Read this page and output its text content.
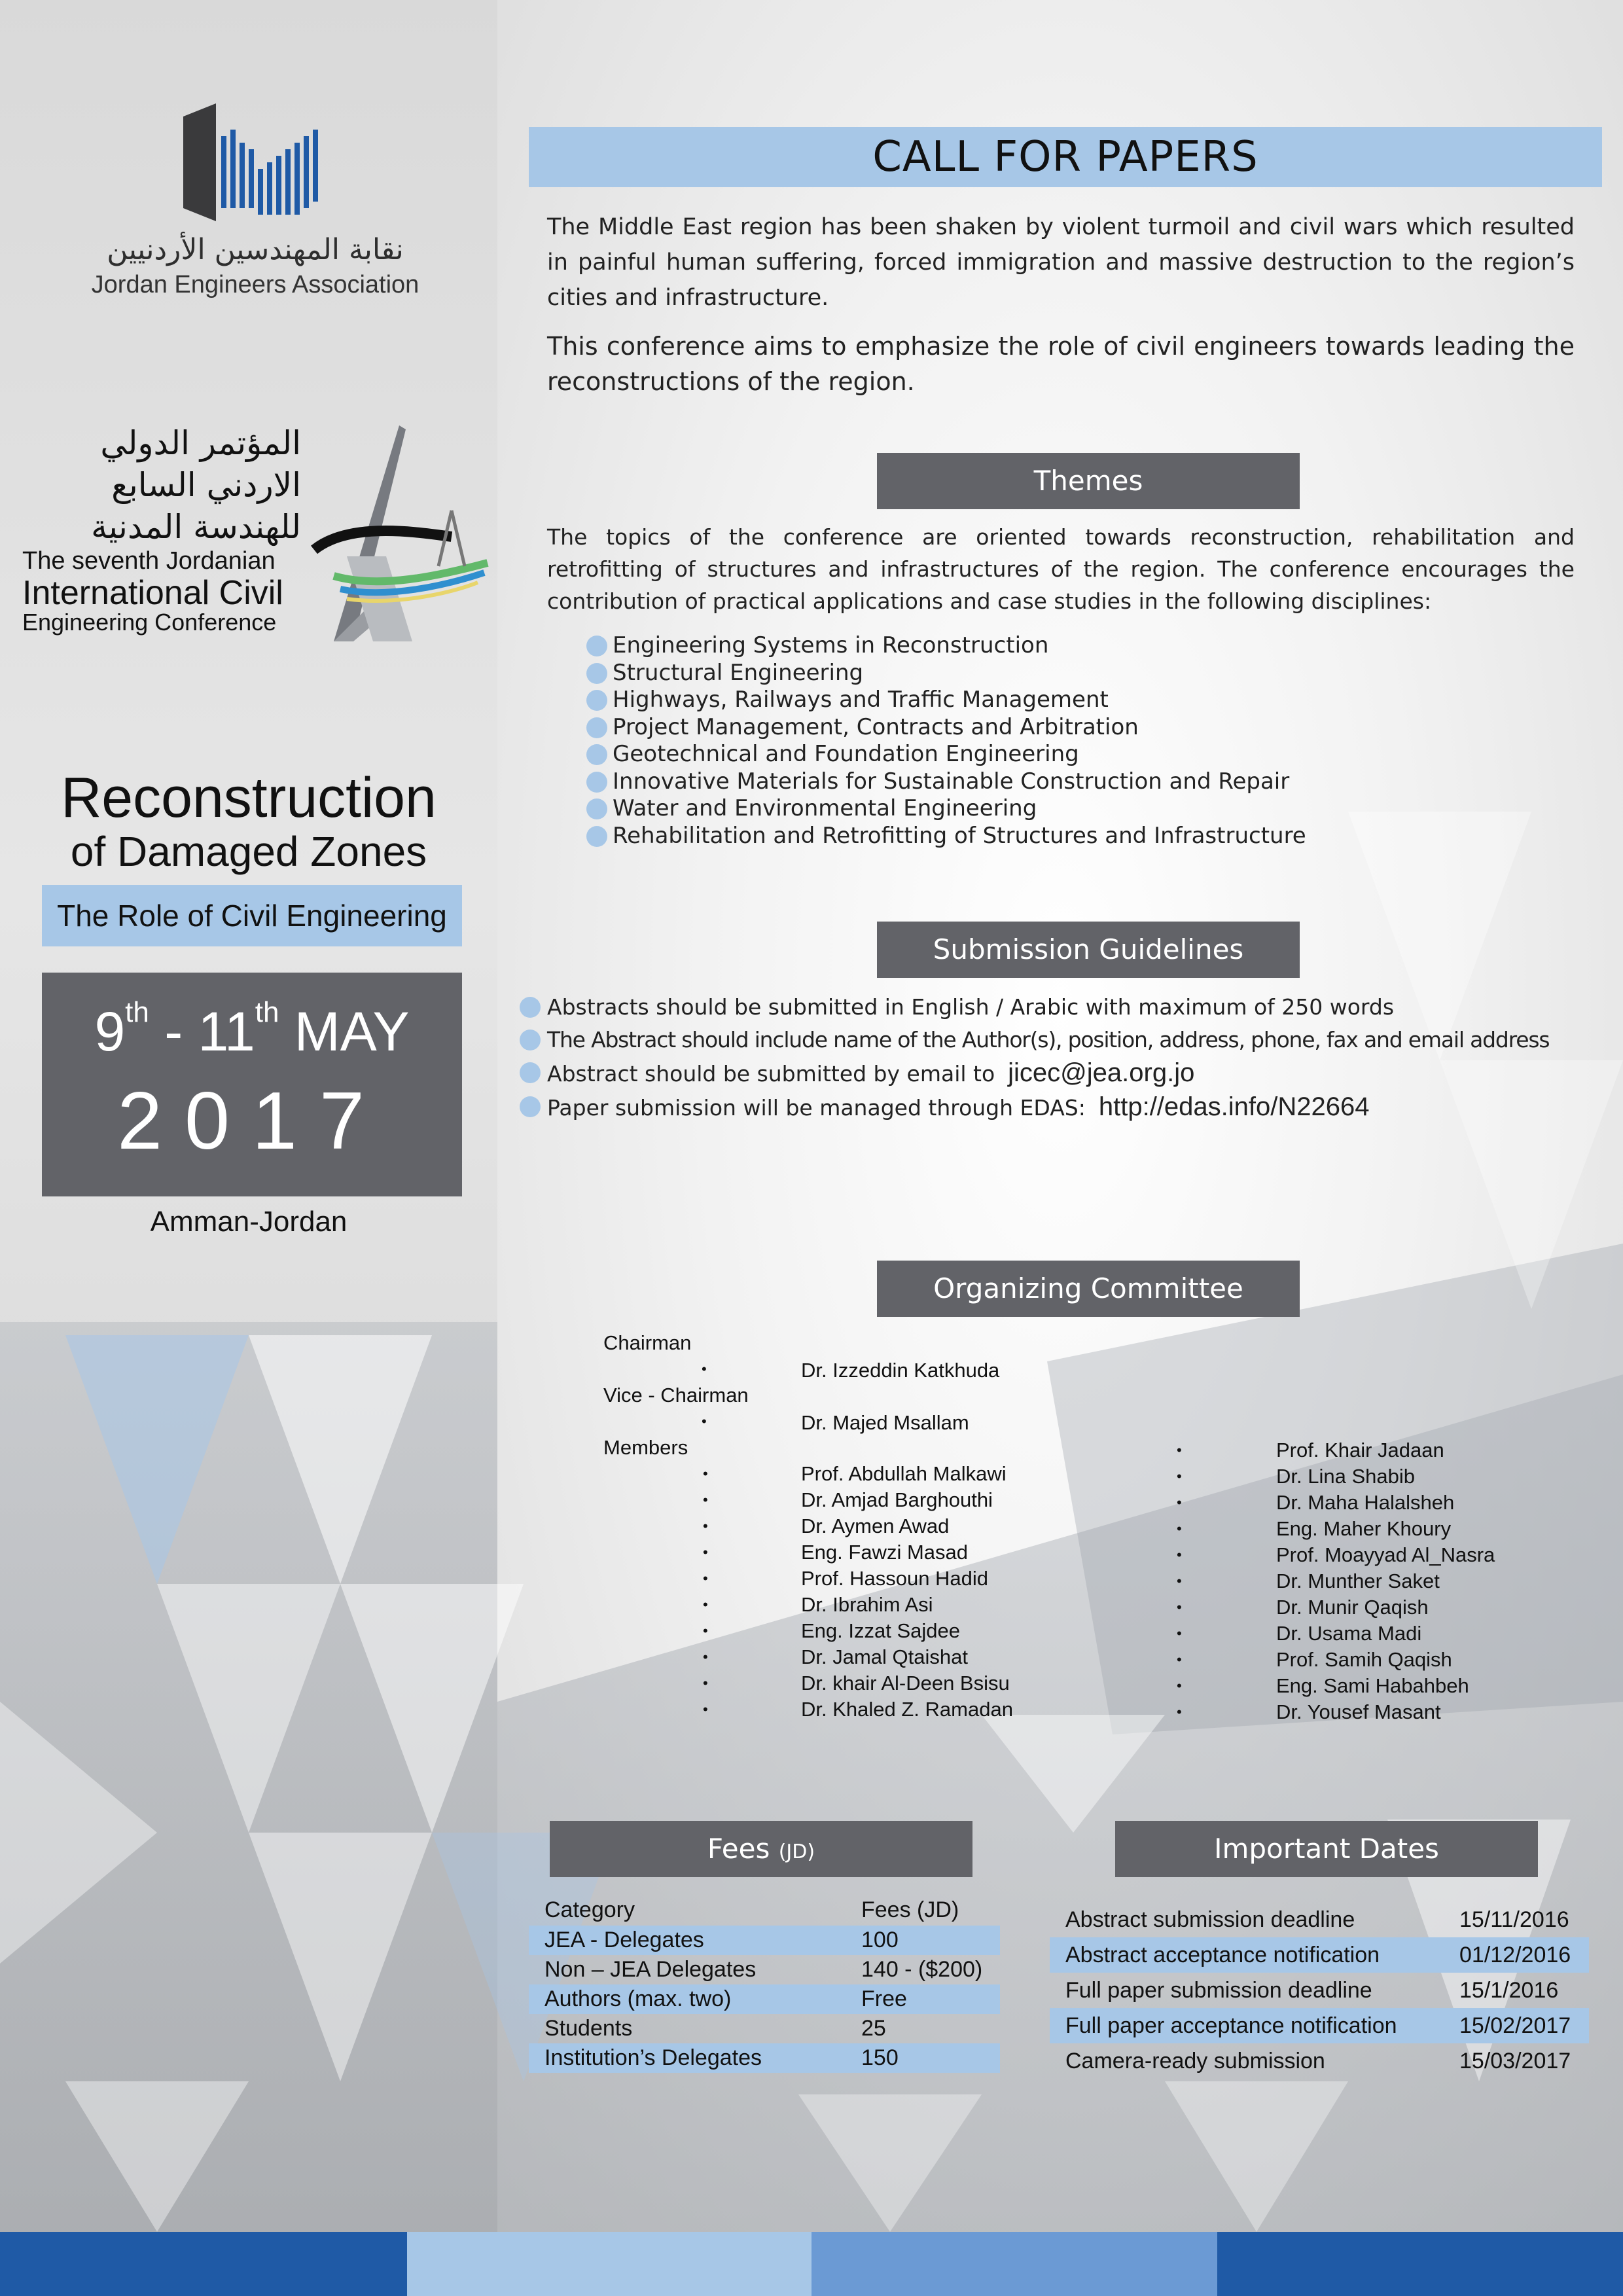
نقابة المهندسين الأردنيين
Jordan Engineers Association
المؤتمر الدولي
الاردني السابع
للهندسة المدنية
The seventh Jordanian
International Civil
Engineering Conference
Reconstruction
of Damaged Zones
The Role of Civil Engineering
9th - 11th MAY
2017
Amman-Jordan
CALL FOR PAPERS
The Middle East region has been shaken by violent turmoil and civil wars which resulted in painful human suffering, forced immigration and massive destruction to the region’s cities and infrastructure.
This conference aims to emphasize the role of civil engineers towards leading the reconstructions of the region.
Themes
The topics of the conference are oriented towards reconstruction, rehabilitation and retrofitting of structures and infrastructures of the region. The conference encourages the contribution of practical applications and case studies in the following disciplines:
Engineering Systems in Reconstruction
Structural Engineering
Highways, Railways and Traffic Management
Project Management, Contracts and Arbitration
Geotechnical and Foundation Engineering
Innovative Materials for Sustainable Construction and Repair
Water and Environmental Engineering
Rehabilitation and Retrofitting of Structures and Infrastructure
Submission Guidelines
Abstracts should be submitted in English / Arabic with maximum of 250 words
The Abstract should include name of the Author(s), position, address, phone, fax and email address
Abstract should be submitted by email to jicec@jea.org.jo
Paper submission will be managed through EDAS: http://edas.info/N22664
Organizing Committee
Chairman
•	Dr. Izzeddin Katkhuda
Vice - Chairman
•	Dr. Majed Msallam
Members
•	Prof. Abdullah Malkawi
•	Dr. Amjad Barghouthi
•	Dr. Aymen Awad
•	Eng. Fawzi Masad
•	Prof. Hassoun Hadid
•	Dr. Ibrahim Asi
•	Eng. Izzat Sajdee
•	Dr. Jamal Qtaishat
•	Dr. khair Al-Deen Bsisu
•	Dr. Khaled Z. Ramadan
•	Prof. Khair Jadaan
•	Dr. Lina Shabib
•	Dr. Maha Halalsheh
•	Eng. Maher Khoury
•	Prof. Moayyad Al_Nasra
•	Dr. Munther Saket
•	Dr. Munir Qaqish
•	Dr. Usama Madi
•	Prof. Samih Qaqish
•	Eng. Sami Habahbeh
•	Dr. Yousef Masant
Fees (JD)
Category	Fees (JD)
JEA - Delegates	100
Non – JEA Delegates	140 - ($200)
Authors (max. two)	Free
Students	25
Institution’s Delegates	150
Important Dates
Abstract submission deadline	15/11/2016
Abstract acceptance notification	01/12/2016
Full paper submission deadline	15/1/2016
Full paper acceptance notification	15/02/2017
Camera-ready submission	15/03/2017
